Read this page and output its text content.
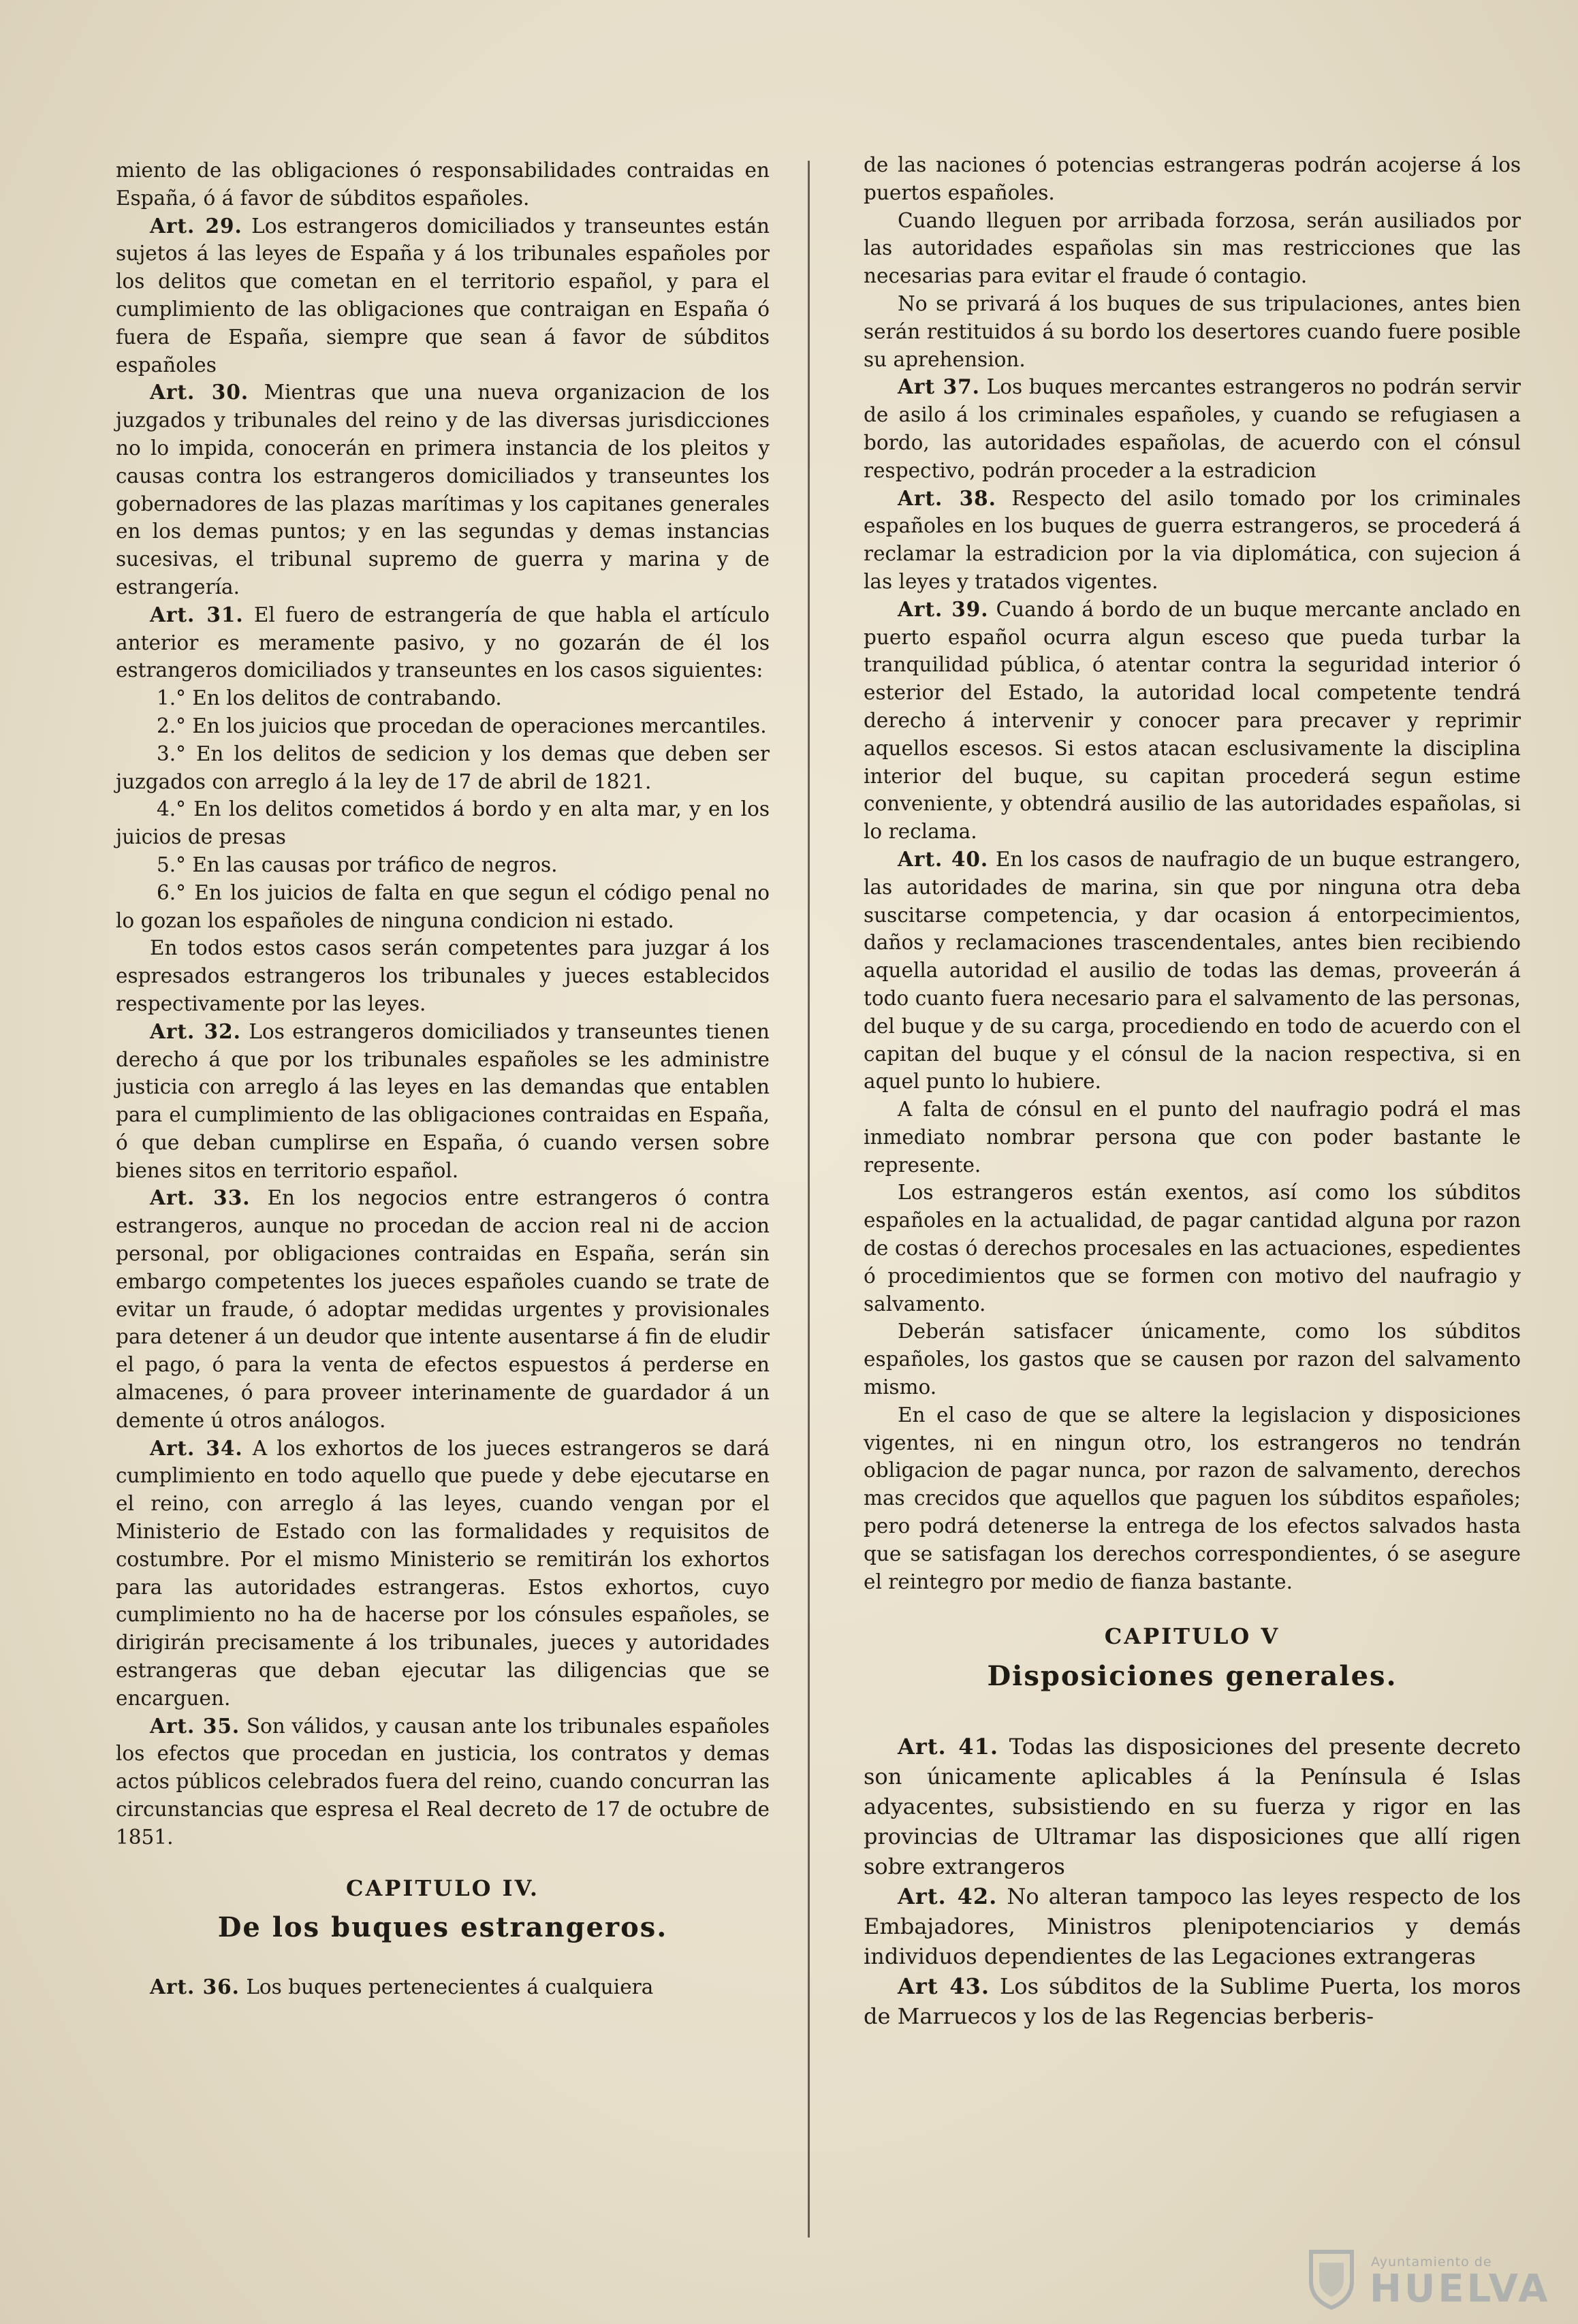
miento de las obligaciones ó responsabilidades contraidas en España, ó á favor de súbditos españoles.

Art. 29. Los estrangeros domiciliados y transeuntes están sujetos á las leyes de España y á los tribunales españoles por los delitos que cometan en el territorio español, y para el cumplimiento de las obligaciones que contraigan en España ó fuera de España, siempre que sean á favor de súbditos españoles

Art. 30. Mientras que una nueva organizacion de los juzgados y tribunales del reino y de las diversas jurisdicciones no lo impida, conocerán en primera instancia de los pleitos y causas contra los estrangeros domiciliados y transeuntes los gobernadores de las plazas marítimas y los capitanes generales en los demas puntos; y en las segundas y demas instancias sucesivas, el tribunal supremo de guerra y marina y de estrangería.

Art. 31. El fuero de estrangería de que habla el artículo anterior es meramente pasivo, y no gozarán de él los estrangeros domiciliados y transeuntes en los casos siguientes:

1.° En los delitos de contrabando.

2.° En los juicios que procedan de operaciones mercantiles.

3.° En los delitos de sedicion y los demas que deben ser juzgados con arreglo á la ley de 17 de abril de 1821.

4.° En los delitos cometidos á bordo y en alta mar, y en los juicios de presas

5.° En las causas por tráfico de negros.

6.° En los juicios de falta en que segun el código penal no lo gozan los españoles de ninguna condicion ni estado.

En todos estos casos serán competentes para juzgar á los espresados estrangeros los tribunales y jueces establecidos respectivamente por las leyes.

Art. 32. Los estrangeros domiciliados y transeuntes tienen derecho á que por los tribunales españoles se les administre justicia con arreglo á las leyes en las demandas que entablen para el cumplimiento de las obligaciones contraidas en España, ó que deban cumplirse en España, ó cuando versen sobre bienes sitos en territorio español.

Art. 33. En los negocios entre estrangeros ó contra estrangeros, aunque no procedan de accion real ni de accion personal, por obligaciones contraidas en España, serán sin embargo competentes los jueces españoles cuando se trate de evitar un fraude, ó adoptar medidas urgentes y provisionales para detener á un deudor que intente ausentarse á fin de eludir el pago, ó para la venta de efectos espuestos á perderse en almacenes, ó para proveer interinamente de guardador á un demente ú otros análogos.

Art. 34. A los exhortos de los jueces estrangeros se dará cumplimiento en todo aquello que puede y debe ejecutarse en el reino, con arreglo á las leyes, cuando vengan por el Ministerio de Estado con las formalidades y requisitos de costumbre. Por el mismo Ministerio se remitirán los exhortos para las autoridades estrangeras. Estos exhortos, cuyo cumplimiento no ha de hacerse por los cónsules españoles, se dirigirán precisamente á los tribunales, jueces y autoridades estrangeras que deban ejecutar las diligencias que se encarguen.

Art. 35. Son válidos, y causan ante los tribunales españoles los efectos que procedan en justicia, los contratos y demas actos públicos celebrados fuera del reino, cuando concurran las circunstancias que espresa el Real decreto de 17 de octubre de 1851.

CAPITULO IV.

De los buques estrangeros.

Art. 36. Los buques pertenecientes á cualquiera

de las naciones ó potencias estrangeras podrán acojerse á los puertos españoles.

Cuando lleguen por arribada forzosa, serán ausiliados por las autoridades españolas sin mas restricciones que las necesarias para evitar el fraude ó contagio.

No se privará á los buques de sus tripulaciones, antes bien serán restituidos á su bordo los desertores cuando fuere posible su aprehension.

Art 37. Los buques mercantes estrangeros no podrán servir de asilo á los criminales españoles, y cuando se refugiasen a bordo, las autoridades españolas, de acuerdo con el cónsul respectivo, podrán proceder a la estradicion

Art. 38. Respecto del asilo tomado por los criminales españoles en los buques de guerra estrangeros, se procederá á reclamar la estradicion por la via diplomática, con sujecion á las leyes y tratados vigentes.

Art. 39. Cuando á bordo de un buque mercante anclado en puerto español ocurra algun esceso que pueda turbar la tranquilidad pública, ó atentar contra la seguridad interior ó esterior del Estado, la autoridad local competente tendrá derecho á intervenir y conocer para precaver y reprimir aquellos escesos. Si estos atacan esclusivamente la disciplina interior del buque, su capitan procederá segun estime conveniente, y obtendrá ausilio de las autoridades españolas, si lo reclama.

Art. 40. En los casos de naufragio de un buque estrangero, las autoridades de marina, sin que por ninguna otra deba suscitarse competencia, y dar ocasion á entorpecimientos, daños y reclamaciones trascendentales, antes bien recibiendo aquella autoridad el ausilio de todas las demas, proveerán á todo cuanto fuera necesario para el salvamento de las personas, del buque y de su carga, procediendo en todo de acuerdo con el capitan del buque y el cónsul de la nacion respectiva, si en aquel punto lo hubiere.

A falta de cónsul en el punto del naufragio podrá el mas inmediato nombrar persona que con poder bastante le represente.

Los estrangeros están exentos, así como los súbditos españoles en la actualidad, de pagar cantidad alguna por razon de costas ó derechos procesales en las actuaciones, espedientes ó procedimientos que se formen con motivo del naufragio y salvamento.

Deberán satisfacer únicamente, como los súbditos españoles, los gastos que se causen por razon del salvamento mismo.

En el caso de que se altere la legislacion y disposiciones vigentes, ni en ningun otro, los estrangeros no tendrán obligacion de pagar nunca, por razon de salvamento, derechos mas crecidos que aquellos que paguen los súbditos españoles; pero podrá detenerse la entrega de los efectos salvados hasta que se satisfagan los derechos correspondientes, ó se asegure el reintegro por medio de fianza bastante.

CAPITULO V

Disposiciones generales.

Art. 41. Todas las disposiciones del presente decreto son únicamente aplicables á la Península é Islas adyacentes, subsistiendo en su fuerza y rigor en las provincias de Ultramar las disposiciones que allí rigen sobre extrangeros

Art. 42. No alteran tampoco las leyes respecto de los Embajadores, Ministros plenipotenciarios y demás individuos dependientes de las Legaciones extrangeras

Art 43. Los súbditos de la Sublime Puerta, los moros de Marruecos y los de las Regencias berberis-

Ayuntamiento de
HUELVA
